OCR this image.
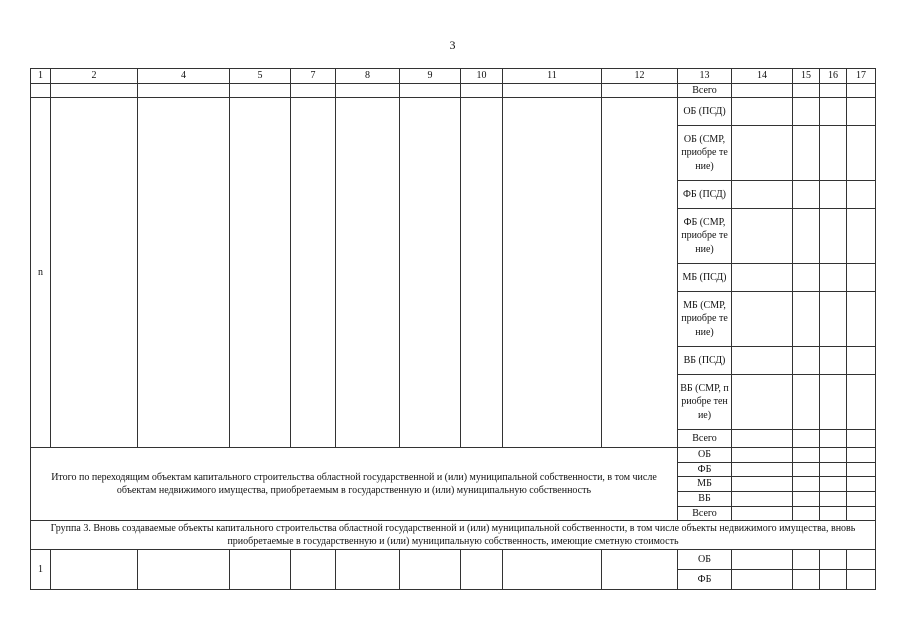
3
1	2	4	5	7	8	9	10	11	12	13	14	15	16	17
										Всего				
n										ОБ (ПСД)				
										ОБ (СМР, приобре тение)				
										ФБ (ПСД)				
										ФБ (СМР, приобре тение)				
										МБ (ПСД)				
										МБ (СМР, приобре тение)				
										ВБ (ПСД)				
										ВБ (СМР, приобре тение)				
										Всего				
Итого по переходящим объектам капитального строительства областной государственной и (или) муниципальной собственности, в том числе объектам недвижимого имущества, приобретаемым в государственную и (или) муниципальную собственность										ОБ				
										ФБ				
										МБ				
										ВБ				
										Всего				
Группа 3. Вновь создаваемые объекты капитального строительства областной государственной и (или) муниципальной собственности, в том числе объекты недвижимого имущества, вновь приобретаемые в государственную и (или) муниципальную собственность, имеющие сметную стоимость														
1										ОБ				
										ФБ				
